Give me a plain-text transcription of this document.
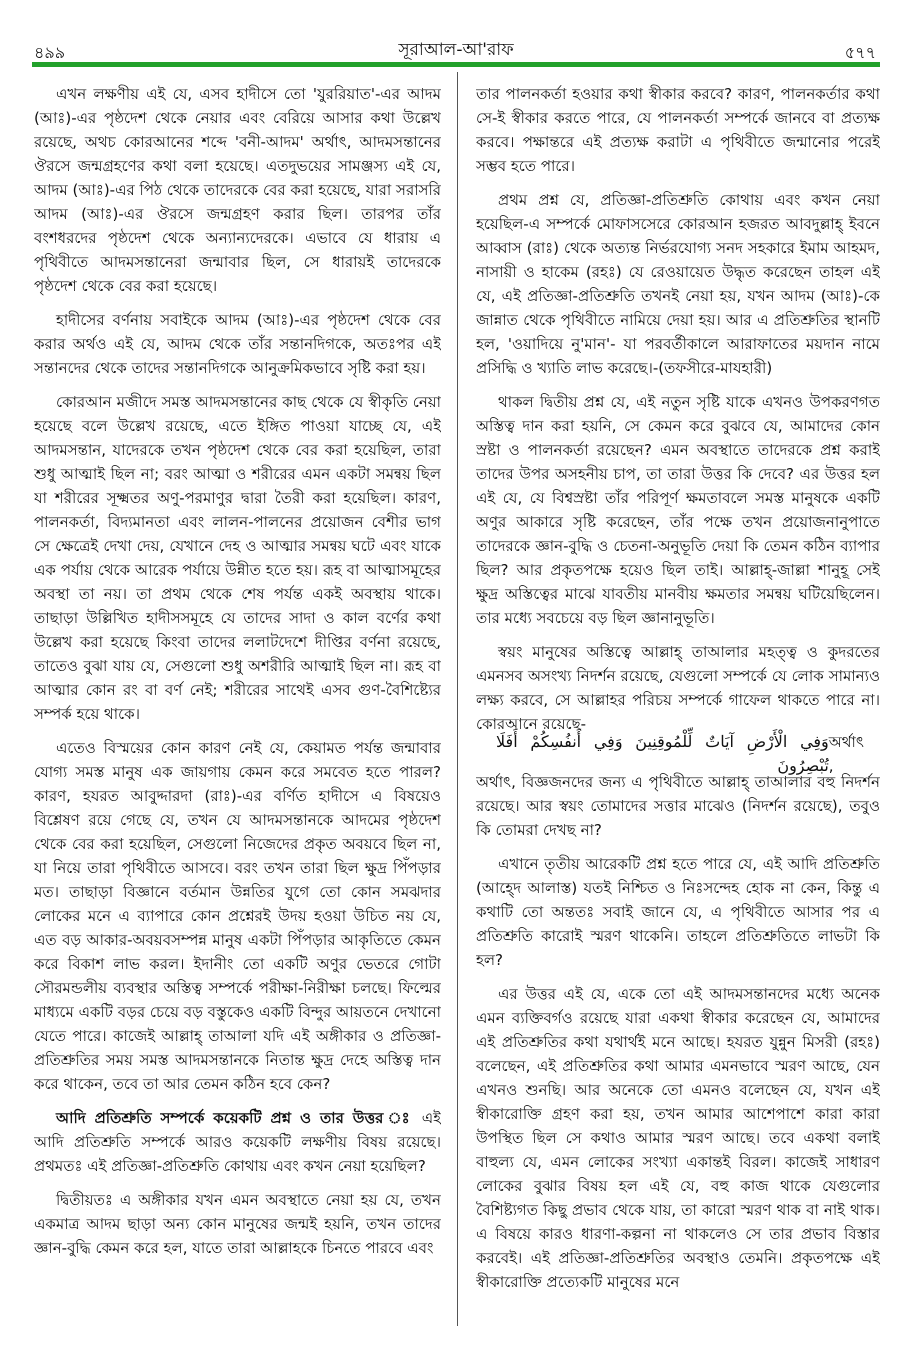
৪৯৯	সূরাআল-আ'রাফ	৫৭৭

এখন লক্ষণীয় এই যে, এসব হাদীসে তো 'যুররিয়াত'-এর আদম (আঃ)-এর পৃষ্ঠদেশ থেকে নেয়ার এবং বেরিয়ে আসার কথা উল্লেখ রয়েছে, অথচ কোরআনের শব্দে 'বনী-আদম' অর্থাৎ, আদমসন্তানের ঔরসে জন্মগ্রহণের কথা বলা হয়েছে। এতদুভয়ের সামঞ্জস্য এই যে, আদম (আঃ)-এর পিঠ থেকে তাদেরকে বের করা হয়েছে, যারা সরাসরি আদম (আঃ)-এর ঔরসে জন্মগ্রহণ করার ছিল। তারপর তাঁর বংশধরদের পৃষ্ঠদেশ থেকে অন্যান্যদেরকে। এভাবে যে ধারায় এ পৃথিবীতে আদমসন্তানেরা জন্মাবার ছিল, সে ধারায়ই তাদেরকে পৃষ্ঠদেশ থেকে বের করা হয়েছে।

হাদীসের বর্ণনায় সবাইকে আদম (আঃ)-এর পৃষ্ঠদেশ থেকে বের করার অর্থও এই যে, আদম থেকে তাঁর সন্তানদিগকে, অতঃপর এই সন্তানদের থেকে তাদের সন্তানদিগকে আনুক্রমিকভাবে সৃষ্টি করা হয়।

কোরআন মজীদে সমস্ত আদমসন্তানের কাছ থেকে যে স্বীকৃতি নেয়া হয়েছে বলে উল্লেখ রয়েছে, এতে ইঙ্গিত পাওয়া যাচ্ছে যে, এই আদমসন্তান, যাদেরকে তখন পৃষ্ঠদেশ থেকে বের করা হয়েছিল, তারা শুধু আত্মাই ছিল না; বরং আত্মা ও শরীরের এমন একটা সমন্বয় ছিল যা শরীরের সূক্ষ্মতর অণু-পরমাণুর দ্বারা তৈরী করা হয়েছিল। কারণ, পালনকর্তা, বিদ্যমানতা এবং লালন-পালনের প্রয়োজন বেশীর ভাগ সে ক্ষেত্রেই দেখা দেয়, যেখানে দেহ ও আত্মার সমন্বয় ঘটে এবং যাকে এক পর্যায় থেকে আরেক পর্যায়ে উন্নীত হতে হয়। রূহ বা আত্মাসমূহের অবস্থা তা নয়। তা প্রথম থেকে শেষ পর্যন্ত একই অবস্থায় থাকে। তাছাড়া উল্লিখিত হাদীসসমূহে যে তাদের সাদা ও কাল বর্ণের কথা উল্লেখ করা হয়েছে কিংবা তাদের ললাটদেশে দীপ্তির বর্ণনা রয়েছে, তাতেও বুঝা যায় যে, সেগুলো শুধু অশরীরি আত্মাই ছিল না। রূহ বা আত্মার কোন রং বা বর্ণ নেই; শরীরের সাথেই এসব গুণ-বৈশিষ্ট্যের সম্পর্ক হয়ে থাকে।

এতেও বিস্ময়ের কোন কারণ নেই যে, কেয়ামত পর্যন্ত জন্মাবার যোগ্য সমস্ত মানুষ এক জায়গায় কেমন করে সমবেত হতে পারল? কারণ, হযরত আবুদ্দারদা (রাঃ)-এর বর্ণিত হাদীসে এ বিষয়েও বিশ্লেষণ রয়ে গেছে যে, তখন যে আদমসন্তানকে আদমের পৃষ্ঠদেশ থেকে বের করা হয়েছিল, সেগুলো নিজেদের প্রকৃত অবয়বে ছিল না, যা নিয়ে তারা পৃথিবীতে আসবে। বরং তখন তারা ছিল ক্ষুদ্র পিঁপড়ার মত। তাছাড়া বিজ্ঞানে বর্তমান উন্নতির যুগে তো কোন সমঝদার লোকের মনে এ ব্যাপারে কোন প্রশ্নেরই উদয় হওয়া উচিত নয় যে, এত বড় আকার-অবয়বসম্পন্ন মানুষ একটা পিঁপড়ার আকৃতিতে কেমন করে বিকাশ লাভ করল। ইদানীং তো একটি অণুর ভেতরে গোটা সৌরমন্ডলীয় ব্যবস্থার অস্তিত্ব সম্পর্কে পরীক্ষা-নিরীক্ষা চলছে। ফিল্মের মাধ্যমে একটি বড়র চেয়ে বড় বস্তুকেও একটি বিন্দুর আয়তনে দেখানো যেতে পারে। কাজেই আল্লাহ্ তাআলা যদি এই অঙ্গীকার ও প্রতিজ্ঞা-প্রতিশ্রুতির সময় সমস্ত আদমসন্তানকে নিতান্ত ক্ষুদ্র দেহে অস্তিত্ব দান করে থাকেন, তবে তা আর তেমন কঠিন হবে কেন?

আদি প্রতিশ্রুতি সম্পর্কে কয়েকটি প্রশ্ন ও তার উত্তর ঃ এই আদি প্রতিশ্রুতি সম্পর্কে আরও কয়েকটি লক্ষণীয় বিষয় রয়েছে। প্রথমতঃ এই প্রতিজ্ঞা-প্রতিশ্রুতি কোথায় এবং কখন নেয়া হয়েছিল?

দ্বিতীয়তঃ এ অঙ্গীকার যখন এমন অবস্থাতে নেয়া হয় যে, তখন একমাত্র আদম ছাড়া অন্য কোন মানুষের জন্মই হয়নি, তখন তাদের জ্ঞান-বুদ্ধি কেমন করে হল, যাতে তারা আল্লাহকে চিনতে পারবে এবং

তার পালনকর্তা হওয়ার কথা স্বীকার করবে? কারণ, পালনকর্তার কথা সে-ই স্বীকার করতে পারে, যে পালনকর্তা সম্পর্কে জানবে বা প্রত্যক্ষ করবে। পক্ষান্তরে এই প্রত্যক্ষ করাটা এ পৃথিবীতে জন্মানোর পরেই সম্ভব হতে পারে।

প্রথম প্রশ্ন যে, প্রতিজ্ঞা-প্রতিশ্রুতি কোথায় এবং কখন নেয়া হয়েছিল-এ সম্পর্কে মোফাসসেরে কোরআন হজরত আবদুল্লাহ্ ইবনে আব্বাস (রাঃ) থেকে অত্যন্ত নির্ভরযোগ্য সনদ সহকারে ইমাম আহমদ, নাসায়ী ও হাকেম (রহঃ) যে রেওয়ায়েত উদ্ধৃত করেছেন তাহল এই যে, এই প্রতিজ্ঞা-প্রতিশ্রুতি তখনই নেয়া হয়, যখন আদম (আঃ)-কে জান্নাত থেকে পৃথিবীতে নামিয়ে দেয়া হয়। আর এ প্রতিশ্রুতির স্থানটি হল, 'ওয়াদিয়ে নু'মান'- যা পরবর্তীকালে আরাফাতের ময়দান নামে প্রসিদ্ধি ও খ্যাতি লাভ করেছে।-(তফসীরে-মাযহারী)

থাকল দ্বিতীয় প্রশ্ন যে, এই নতুন সৃষ্টি যাকে এখনও উপকরণগত অস্তিত্ব দান করা হয়নি, সে কেমন করে বুঝবে যে, আমাদের কোন স্রষ্টা ও পালনকর্তা রয়েছেন? এমন অবস্থাতে তাদেরকে প্রশ্ন করাই তাদের উপর অসহনীয় চাপ, তা তারা উত্তর কি দেবে? এর উত্তর হল এই যে, যে বিশ্বস্রষ্টা তাঁর পরিপূর্ণ ক্ষমতাবলে সমস্ত মানুষকে একটি অণুর আকারে সৃষ্টি করেছেন, তাঁর পক্ষে তখন প্রয়োজনানুপাতে তাদেরকে জ্ঞান-বুদ্ধি ও চেতনা-অনুভূতি দেয়া কি তেমন কঠিন ব্যাপার ছিল? আর প্রকৃতপক্ষে হয়েও ছিল তাই। আল্লাহ্-জাল্লা শানুহূ সেই ক্ষুদ্র অস্তিত্বের মাঝে যাবতীয় মানবীয় ক্ষমতার সমন্বয় ঘটিয়েছিলেন। তার মধ্যে সবচেয়ে বড় ছিল জ্ঞানানুভূতি।

স্বয়ং মানুষের অস্তিত্বে আল্লাহ্ তাআলার মহত্ত্ব ও কুদরতের এমনসব অসংখ্য নিদর্শন রয়েছে, যেগুলো সম্পর্কে যে লোক সামান্যও লক্ষ্য করবে, সে আল্লাহর পরিচয় সম্পর্কে গাফেল থাকতে পারে না। কোরআনে রয়েছে-

وَفِي الْأَرْضِ آيَاتٌ لِّلْمُوقِنِينَ وَفِي أَنفُسِكُمْ أَفَلَا تُبْصِرُونَ
অর্থাৎ ,

অর্থাৎ, বিজ্ঞজনদের জন্য এ পৃথিবীতে আল্লাহ্ তাআলার বহু নিদর্শন রয়েছে। আর স্বয়ং তোমাদের সত্তার মাঝেও (নিদর্শন রয়েছে), তবুও কি তোমরা দেখছ না?

এখানে তৃতীয় আরেকটি প্রশ্ন হতে পারে যে, এই আদি প্রতিশ্রুতি (আহ্দে আলাস্ত) যতই নিশ্চিত ও নিঃসন্দেহ হোক না কেন, কিন্তু এ কথাটি তো অন্ততঃ সবাই জানে যে, এ পৃথিবীতে আসার পর এ প্রতিশ্রুতি কারোই স্মরণ থাকেনি। তাহলে প্রতিশ্রুতিতে লাভটা কি হল?

এর উত্তর এই যে, একে তো এই আদমসন্তানদের মধ্যে অনেক এমন ব্যক্তিবর্গও রয়েছে যারা একথা স্বীকার করেছেন যে, আমাদের এই প্রতিশ্রুতির কথা যথার্থই মনে আছে। হযরত যুন্নুন মিসরী (রহঃ) বলেছেন, এই প্রতিশ্রুতির কথা আমার এমনভাবে স্মরণ আছে, যেন এখনও শুনছি। আর অনেকে তো এমনও বলেছেন যে, যখন এই স্বীকারোক্তি গ্রহণ করা হয়, তখন আমার আশেপাশে কারা কারা উপস্থিত ছিল সে কথাও আমার স্মরণ আছে। তবে একথা বলাই বাহুল্য যে, এমন লোকের সংখ্যা একান্তই বিরল। কাজেই সাধারণ লোকের বুঝার বিষয় হল এই যে, বহু কাজ থাকে যেগুলোর বৈশিষ্ট্যগত কিছু প্রভাব থেকে যায়, তা কারো স্মরণ থাক বা নাই থাক। এ বিষয়ে কারও ধারণা-কল্পনা না থাকলেও সে তার প্রভাব বিস্তার করবেই। এই প্রতিজ্ঞা-প্রতিশ্রুতির অবস্থাও তেমনি। প্রকৃতপক্ষে এই স্বীকারোক্তি প্রত্যেকটি মানুষের মনে
